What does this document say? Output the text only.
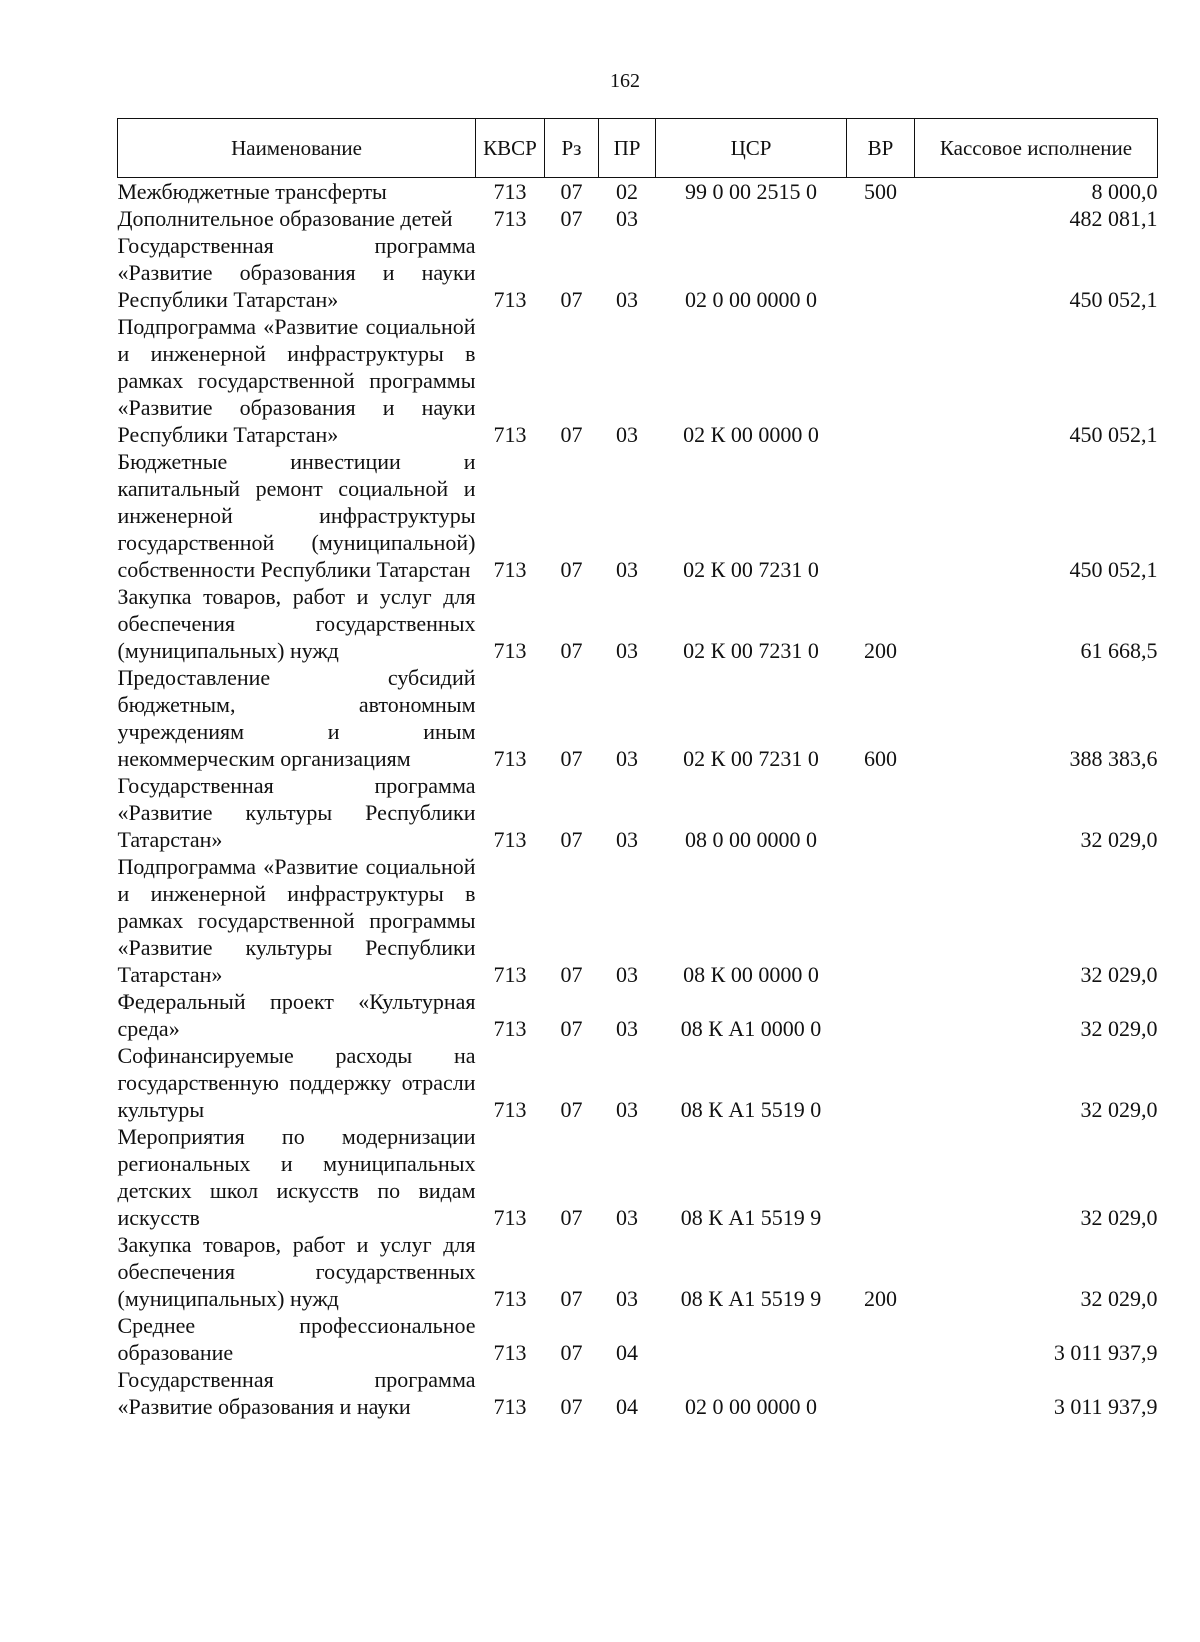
162
Наименование	КВСР	Рз	ПР	ЦСР	ВР	Кассовое исполнение
Межбюджетные трансферты	713	07	02	99 0 00 2515 0	500	8 000,0
Дополнительное образование детей	713	07	03			482 081,1
Государственная программа «Развитие образования и науки Республики Татарстан»	713	07	03	02 0 00 0000 0		450 052,1
Подпрограмма «Развитие социальной и инженерной инфраструктуры в рамках государственной программы «Развитие образования и науки Республики Татарстан»	713	07	03	02 К 00 0000 0		450 052,1
Бюджетные инвестиции и капитальный ремонт социальной и инженерной инфраструктуры государственной (муниципальной) собственности Республики Татарстан	713	07	03	02 К 00 7231 0		450 052,1
Закупка товаров, работ и услуг для обеспечения государственных (муниципальных) нужд	713	07	03	02 К 00 7231 0	200	61 668,5
Предоставление субсидий бюджетным, автономным учреждениям и иным некоммерческим организациям	713	07	03	02 К 00 7231 0	600	388 383,6
Государственная программа «Развитие культуры Республики Татарстан»	713	07	03	08 0 00 0000 0		32 029,0
Подпрограмма «Развитие социальной и инженерной инфраструктуры в рамках государственной программы «Развитие культуры Республики Татарстан»	713	07	03	08 К 00 0000 0		32 029,0
Федеральный проект «Культурная среда»	713	07	03	08 К А1 0000 0		32 029,0
Софинансируемые расходы на государственную поддержку отрасли культуры	713	07	03	08 К А1 5519 0		32 029,0
Мероприятия по модернизации региональных и муниципальных детских школ искусств по видам искусств	713	07	03	08 К А1 5519 9		32 029,0
Закупка товаров, работ и услуг для обеспечения государственных (муниципальных) нужд	713	07	03	08 К А1 5519 9	200	32 029,0
Среднее профессиональное образование	713	07	04			3 011 937,9
Государственная программа «Развитие образования и науки	713	07	04	02 0 00 0000 0		3 011 937,9
